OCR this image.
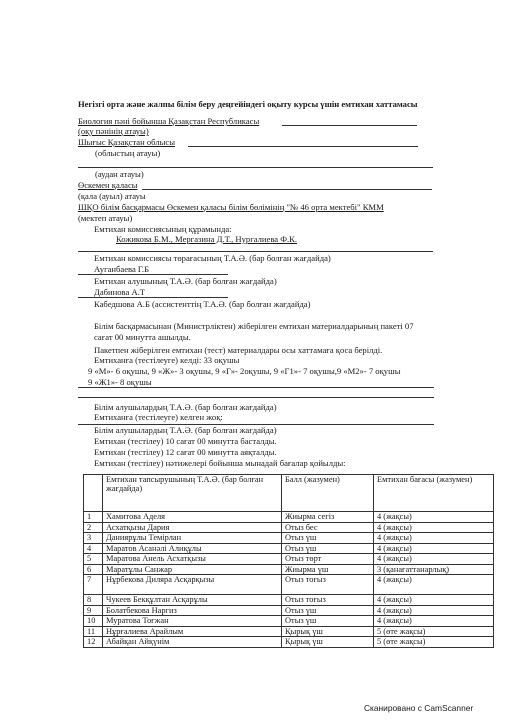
Негізгі орта және жалпы білім беру деңгейіндегі оқыту курсы үшін емтихан хаттамасы
Биология пәні бойынша Қазақстан Республикасы
(оқу пәнінің атауы)
Шығыс Қазақстан облысы
(облыстың атауы)
(аудан атауы)
Өскемен қаласы
(қала (ауыл) атауы
ШҚО білім басқармасы Өскемен қаласы білім бөлімінің "№ 46 орта мектебі" КММ
(мектеп атауы)
Емтихан комиссиясының құрамында:
Кожикова Б.М., Мергазина Д.Т., Нургалиева Ф.К.
Емтихан комиссиясы төрағасының Т.А.Ә. (бар болған жағдайда)
Ауганбаева Г.Б
Емтихан алушының Т.А.Ә. (бар болған жағдайда)
Дабинова А.Т
Кабедшова А.Б (ассистенттің Т.А.Ә. (бар болған жағдайда)
Білім басқармасынан (Министрліктен) жіберілген емтихан материалдарының пакеті 07
сағат 00 минутта ашылды.
Пакетпен жіберілген емтихан (тест) материалдары осы хаттамаға қоса берілді.
Емтиханға (тестілеуге) келді: 33 оқушы
9 «М»- 6 оқушы, 9 «Ж»- 3 оқушы, 9 «Г»- 2оқушы, 9 «Г1»- 7 оқушы,9 «М2»- 7 оқушы
9 «Ж1»- 8 оқушы
Білім алушылардың Т.А.Ә. (бар болған жағдайда)
Емтиханға (тестілеуге) келген жоқ:
Білім алушылардың Т.А.Ә. (бар болған жағдайда)
Емтихан (тестілеу) 10 сағат 00 минутта басталды.
Емтихан (тестілеу) 12 сағат 00 минутта аяқталды.
Емтихан (тестілеу) нәтижелері бойынша мынадай бағалар қойылды:
	Емтихан тапсырушының Т.А.Ә. (бар болған жағдайда)	Балл (жазумен)	Емтихан бағасы (жазумен)
1	Хамитова Аделя	Жиырма сегіз	4 (жақсы)
2	Асхатқызы Дария	Отыз бес	4 (жақсы)
3	Даниярұлы Темірлан	Отыз үш	4 (жақсы)
4	Маратов Асанәлі Алиқұлы	Отыз үш	4 (жақсы)
5	Маратова Анель Асхатқызы	Отыз төрт	4 (жақсы)
6	Маратұлы Санжар	Жиырма үш	3 (қанағаттанарлық)
7	Нұрбекова Диляра Асқарқызы	Отыз тоғыз	4 (жақсы)
8	Чукеев Бекқұлтан Асқарұлы	Отыз тоғыз	4 (жақсы)
9	Болатбекова Наргиз	Отыз үш	4 (жақсы)
10	Муратова Тоғжан	Отыз үш	4 (жақсы)
11	Нұрғалиева Арайлым	Қырық үш	5 (өте жақсы)
12	Абайқан Айқүнім	Қырық үш	5 (өте жақсы)
Сканировано с CamScanner
